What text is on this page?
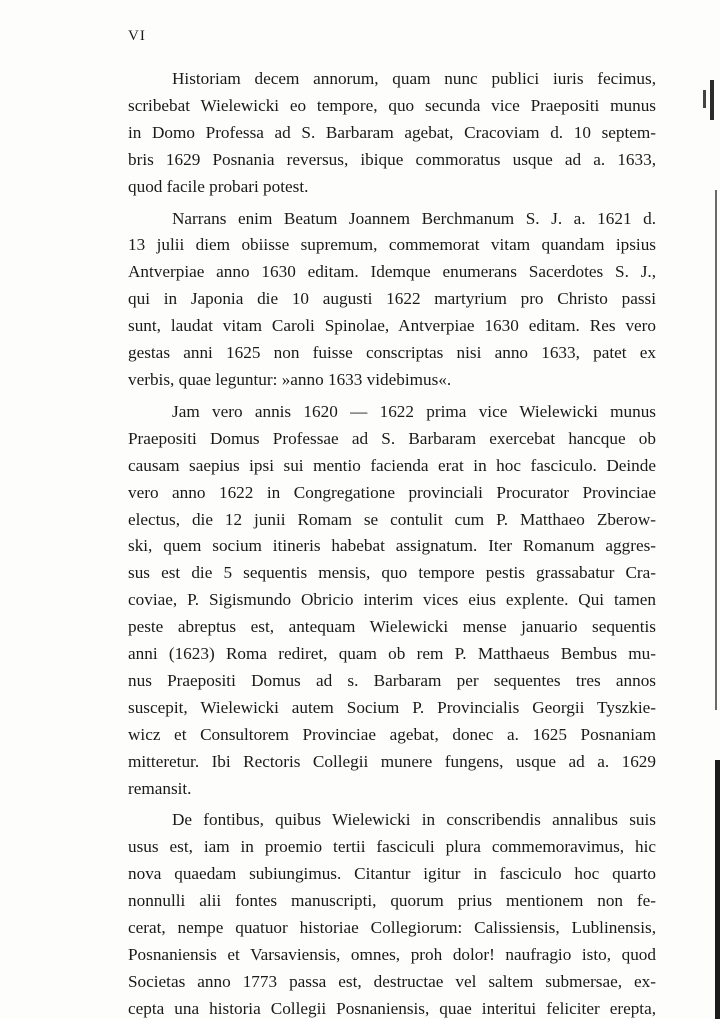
VI

Historiam decem annorum, quam nunc publici iuris fecimus,
scribebat Wielewicki eo tempore, quo secunda vice Praepositi munus
in Domo Professa ad S. Barbaram agebat, Cracoviam d. 10 septem-
bris 1629 Posnania reversus, ibique commoratus usque ad a. 1633,
quod facile probari potest.

Narrans enim Beatum Joannem Berchmanum S. J. a. 1621 d.
13 julii diem obiisse supremum, commemorat vitam quandam ipsius
Antverpiae anno 1630 editam. Idemque enumerans Sacerdotes S. J.,
qui in Japonia die 10 augusti 1622 martyrium pro Christo passi
sunt, laudat vitam Caroli Spinolae, Antverpiae 1630 editam. Res vero
gestas anni 1625 non fuisse conscriptas nisi anno 1633, patet ex
verbis, quae leguntur: »anno 1633 videbimus«.

Jam vero annis 1620 — 1622 prima vice Wielewicki munus
Praepositi Domus Professae ad S. Barbaram exercebat hancque ob
causam saepius ipsi sui mentio facienda erat in hoc fasciculo. Deinde
vero anno 1622 in Congregatione provinciali Procurator Provinciae
electus, die 12 junii Romam se contulit cum P. Matthaeo Zberow-
ski, quem socium itineris habebat assignatum. Iter Romanum aggres-
sus est die 5 sequentis mensis, quo tempore pestis grassabatur Cra-
coviae, P. Sigismundo Obricio interim vices eius explente. Qui tamen
peste abreptus est, antequam Wielewicki mense januario sequentis
anni (1623) Roma rediret, quam ob rem P. Matthaeus Bembus mu-
nus Praepositi Domus ad s. Barbaram per sequentes tres annos
suscepit, Wielewicki autem Socium P. Provincialis Georgii Tyszkie-
wicz et Consultorem Provinciae agebat, donec a. 1625 Posnaniam
mitteretur. Ibi Rectoris Collegii munere fungens, usque ad a. 1629
remansit.

De fontibus, quibus Wielewicki in conscribendis annalibus suis
usus est, iam in proemio tertii fasciculi plura commemoravimus, hic
nova quaedam subiungimus. Citantur igitur in fasciculo hoc quarto
nonnulli alii fontes manuscripti, quorum prius mentionem non fe-
cerat, nempe quatuor historiae Collegiorum: Calissiensis, Lublinensis,
Posnaniensis et Varsaviensis, omnes, proh dolor! naufragio isto, quod
Societas anno 1773 passa est, destructae vel saltem submersae, ex-
cepta una historia Collegii Posnaniensis, quae interitui feliciter erepta,
